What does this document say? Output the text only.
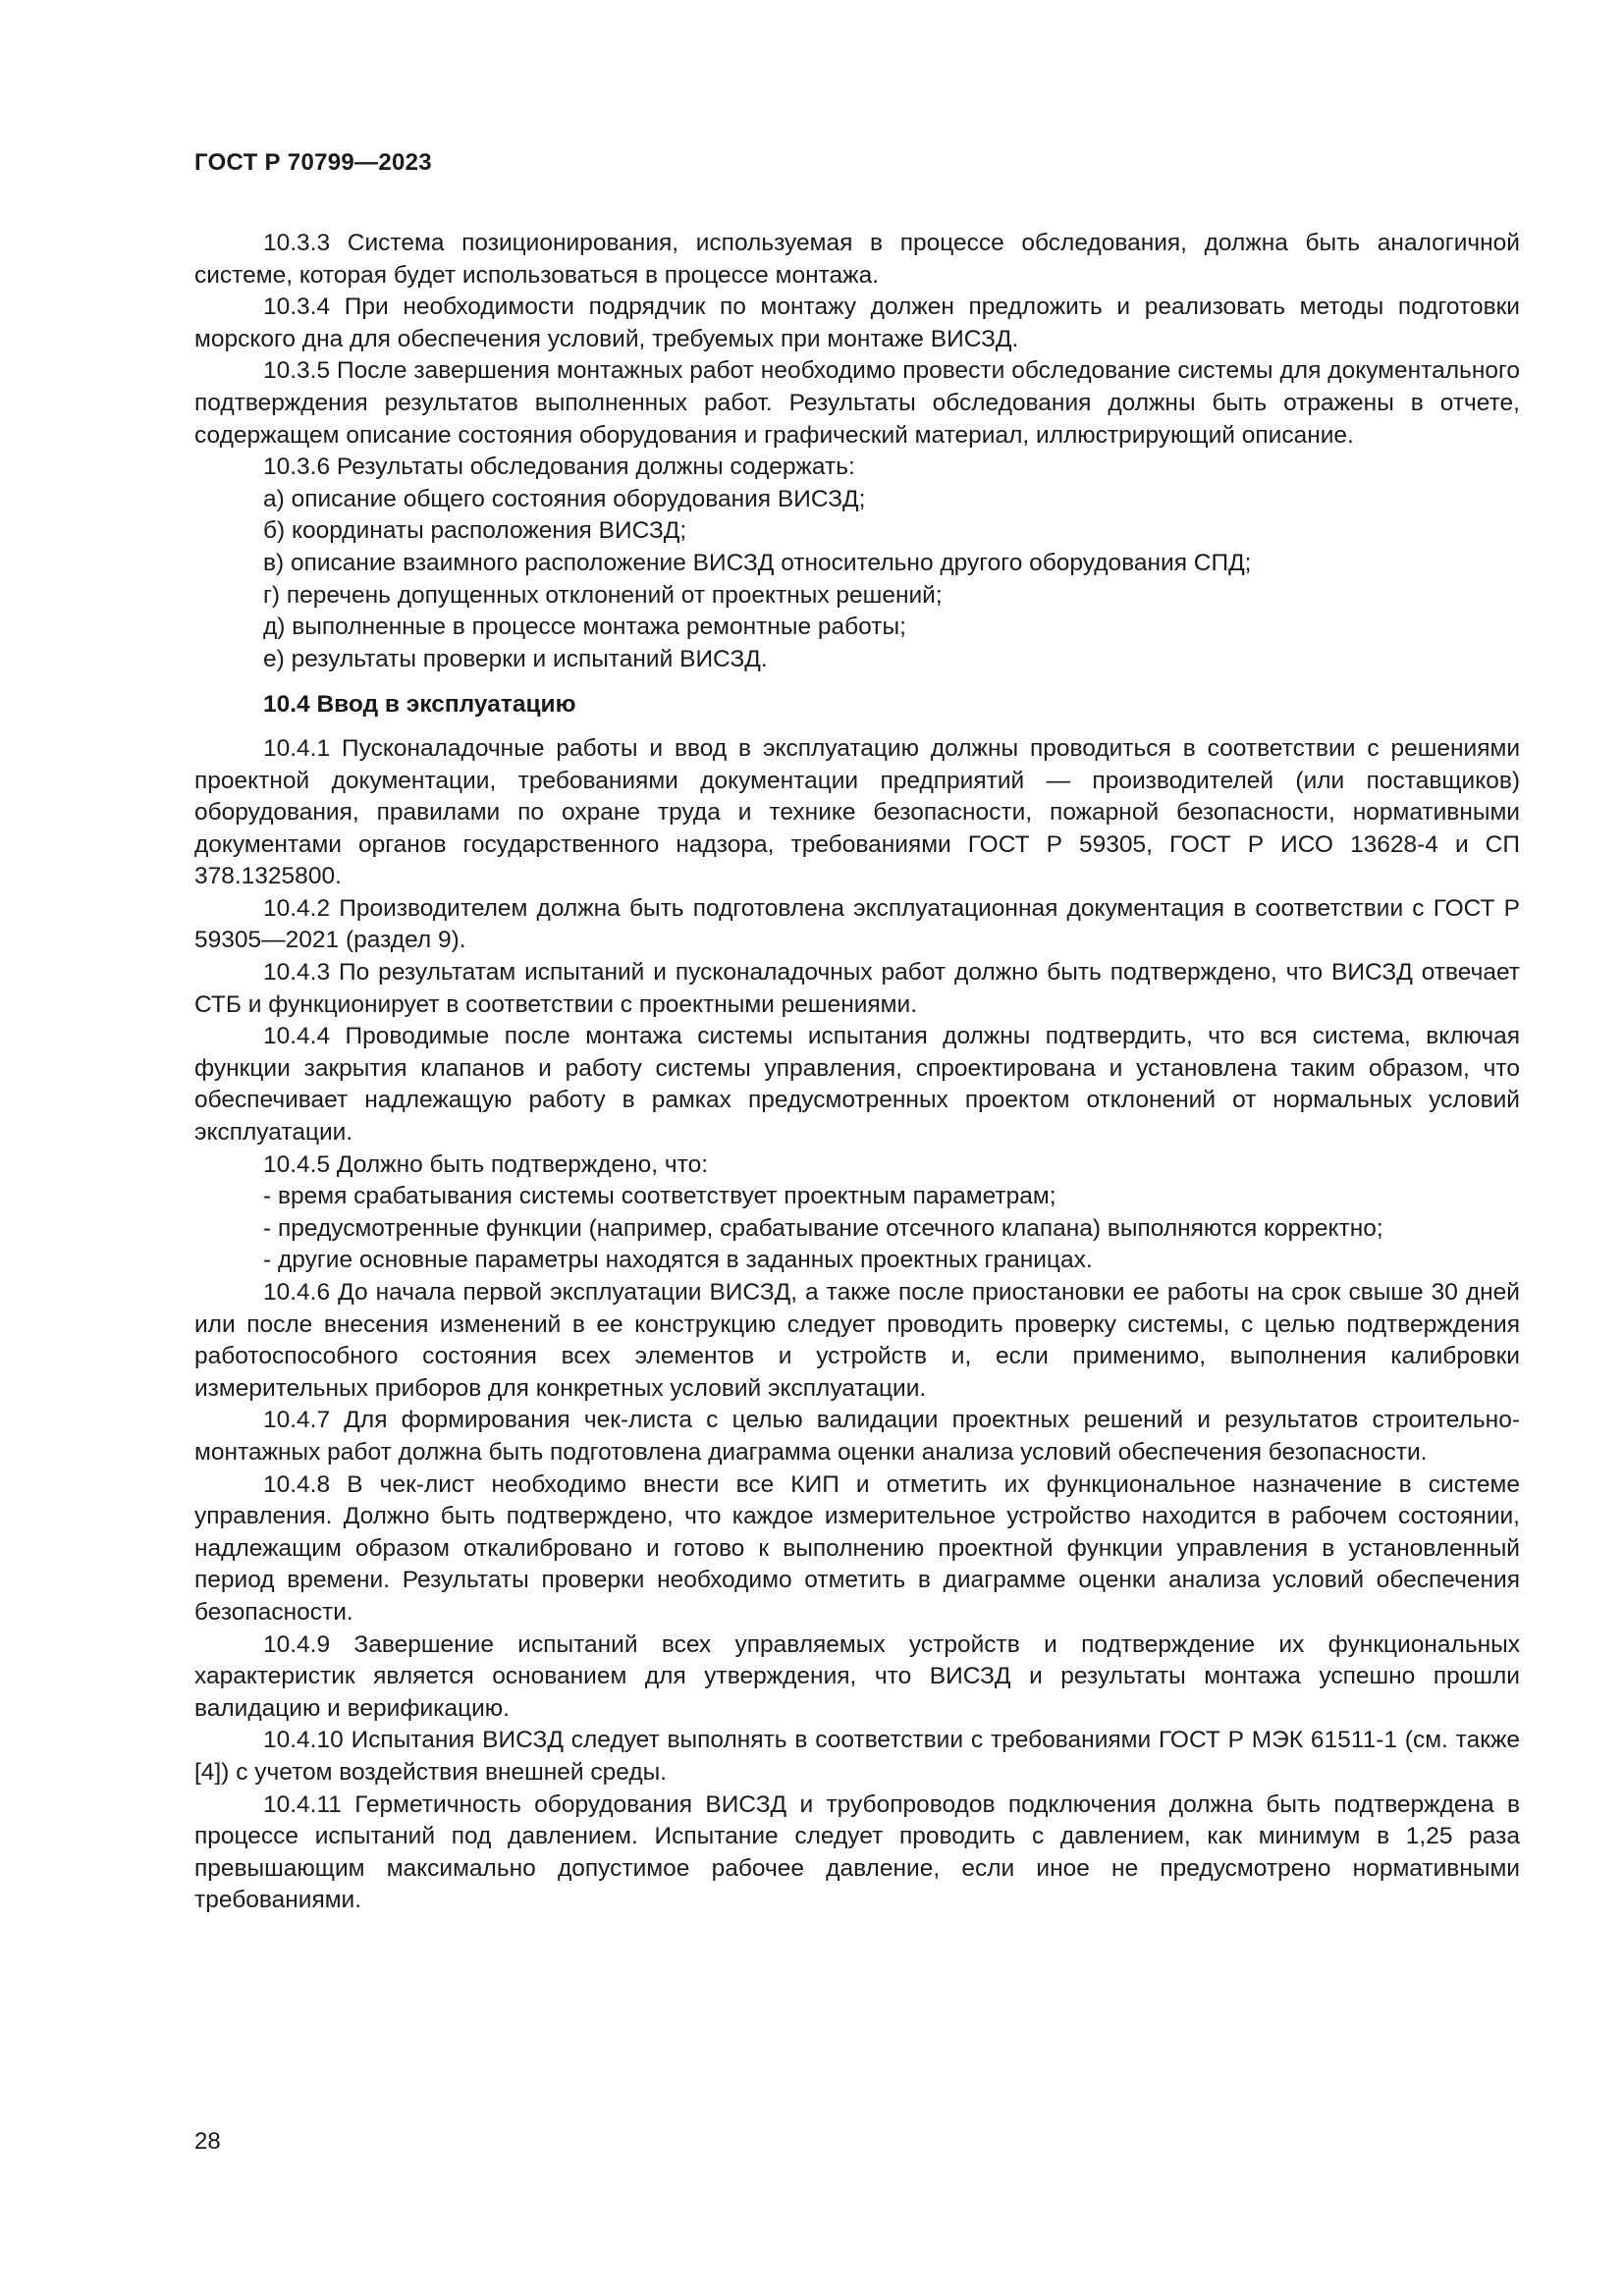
ГОСТ Р 70799—2023

10.3.3 Система позиционирования, используемая в процессе обследования, должна быть аналогичной системе, которая будет использоваться в процессе монтажа.

10.3.4 При необходимости подрядчик по монтажу должен предложить и реализовать методы подготовки морского дна для обеспечения условий, требуемых при монтаже ВИСЗД.

10.3.5 После завершения монтажных работ необходимо провести обследование системы для документального подтверждения результатов выполненных работ. Результаты обследования должны быть отражены в отчете, содержащем описание состояния оборудования и графический материал, иллюстрирующий описание.

10.3.6 Результаты обследования должны содержать:

а) описание общего состояния оборудования ВИСЗД;

б) координаты расположения ВИСЗД;

в) описание взаимного расположение ВИСЗД относительно другого оборудования СПД;

г) перечень допущенных отклонений от проектных решений;

д) выполненные в процессе монтажа ремонтные работы;

е) результаты проверки и испытаний ВИСЗД.

10.4 Ввод в эксплуатацию

10.4.1 Пусконаладочные работы и ввод в эксплуатацию должны проводиться в соответствии с решениями проектной документации, требованиями документации предприятий — производителей (или поставщиков) оборудования, правилами по охране труда и технике безопасности, пожарной безопасности, нормативными документами органов государственного надзора, требованиями ГОСТ Р 59305, ГОСТ Р ИСО 13628-4 и СП 378.1325800.

10.4.2 Производителем должна быть подготовлена эксплуатационная документация в соответствии с ГОСТ Р 59305—2021 (раздел 9).

10.4.3 По результатам испытаний и пусконаладочных работ должно быть подтверждено, что ВИСЗД отвечает СТБ и функционирует в соответствии с проектными решениями.

10.4.4 Проводимые после монтажа системы испытания должны подтвердить, что вся система, включая функции закрытия клапанов и работу системы управления, спроектирована и установлена таким образом, что обеспечивает надлежащую работу в рамках предусмотренных проектом отклонений от нормальных условий эксплуатации.

10.4.5 Должно быть подтверждено, что:

- время срабатывания системы соответствует проектным параметрам;

- предусмотренные функции (например, срабатывание отсечного клапана) выполняются корректно;

- другие основные параметры находятся в заданных проектных границах.

10.4.6 До начала первой эксплуатации ВИСЗД, а также после приостановки ее работы на срок свыше 30 дней или после внесения изменений в ее конструкцию следует проводить проверку системы, с целью подтверждения работоспособного состояния всех элементов и устройств и, если применимо, выполнения калибровки измерительных приборов для конкретных условий эксплуатации.

10.4.7 Для формирования чек-листа с целью валидации проектных решений и результатов строительно-монтажных работ должна быть подготовлена диаграмма оценки анализа условий обеспечения безопасности.

10.4.8 В чек-лист необходимо внести все КИП и отметить их функциональное назначение в системе управления. Должно быть подтверждено, что каждое измерительное устройство находится в рабочем состоянии, надлежащим образом откалибровано и готово к выполнению проектной функции управления в установленный период времени. Результаты проверки необходимо отметить в диаграмме оценки анализа условий обеспечения безопасности.

10.4.9 Завершение испытаний всех управляемых устройств и подтверждение их функциональных характеристик является основанием для утверждения, что ВИСЗД и результаты монтажа успешно прошли валидацию и верификацию.

10.4.10 Испытания ВИСЗД следует выполнять в соответствии с требованиями ГОСТ Р МЭК 61511-1 (см. также [4]) с учетом воздействия внешней среды.

10.4.11 Герметичность оборудования ВИСЗД и трубопроводов подключения должна быть подтверждена в процессе испытаний под давлением. Испытание следует проводить с давлением, как минимум в 1,25 раза превышающим максимально допустимое рабочее давление, если иное не предусмотрено нормативными требованиями.

28
